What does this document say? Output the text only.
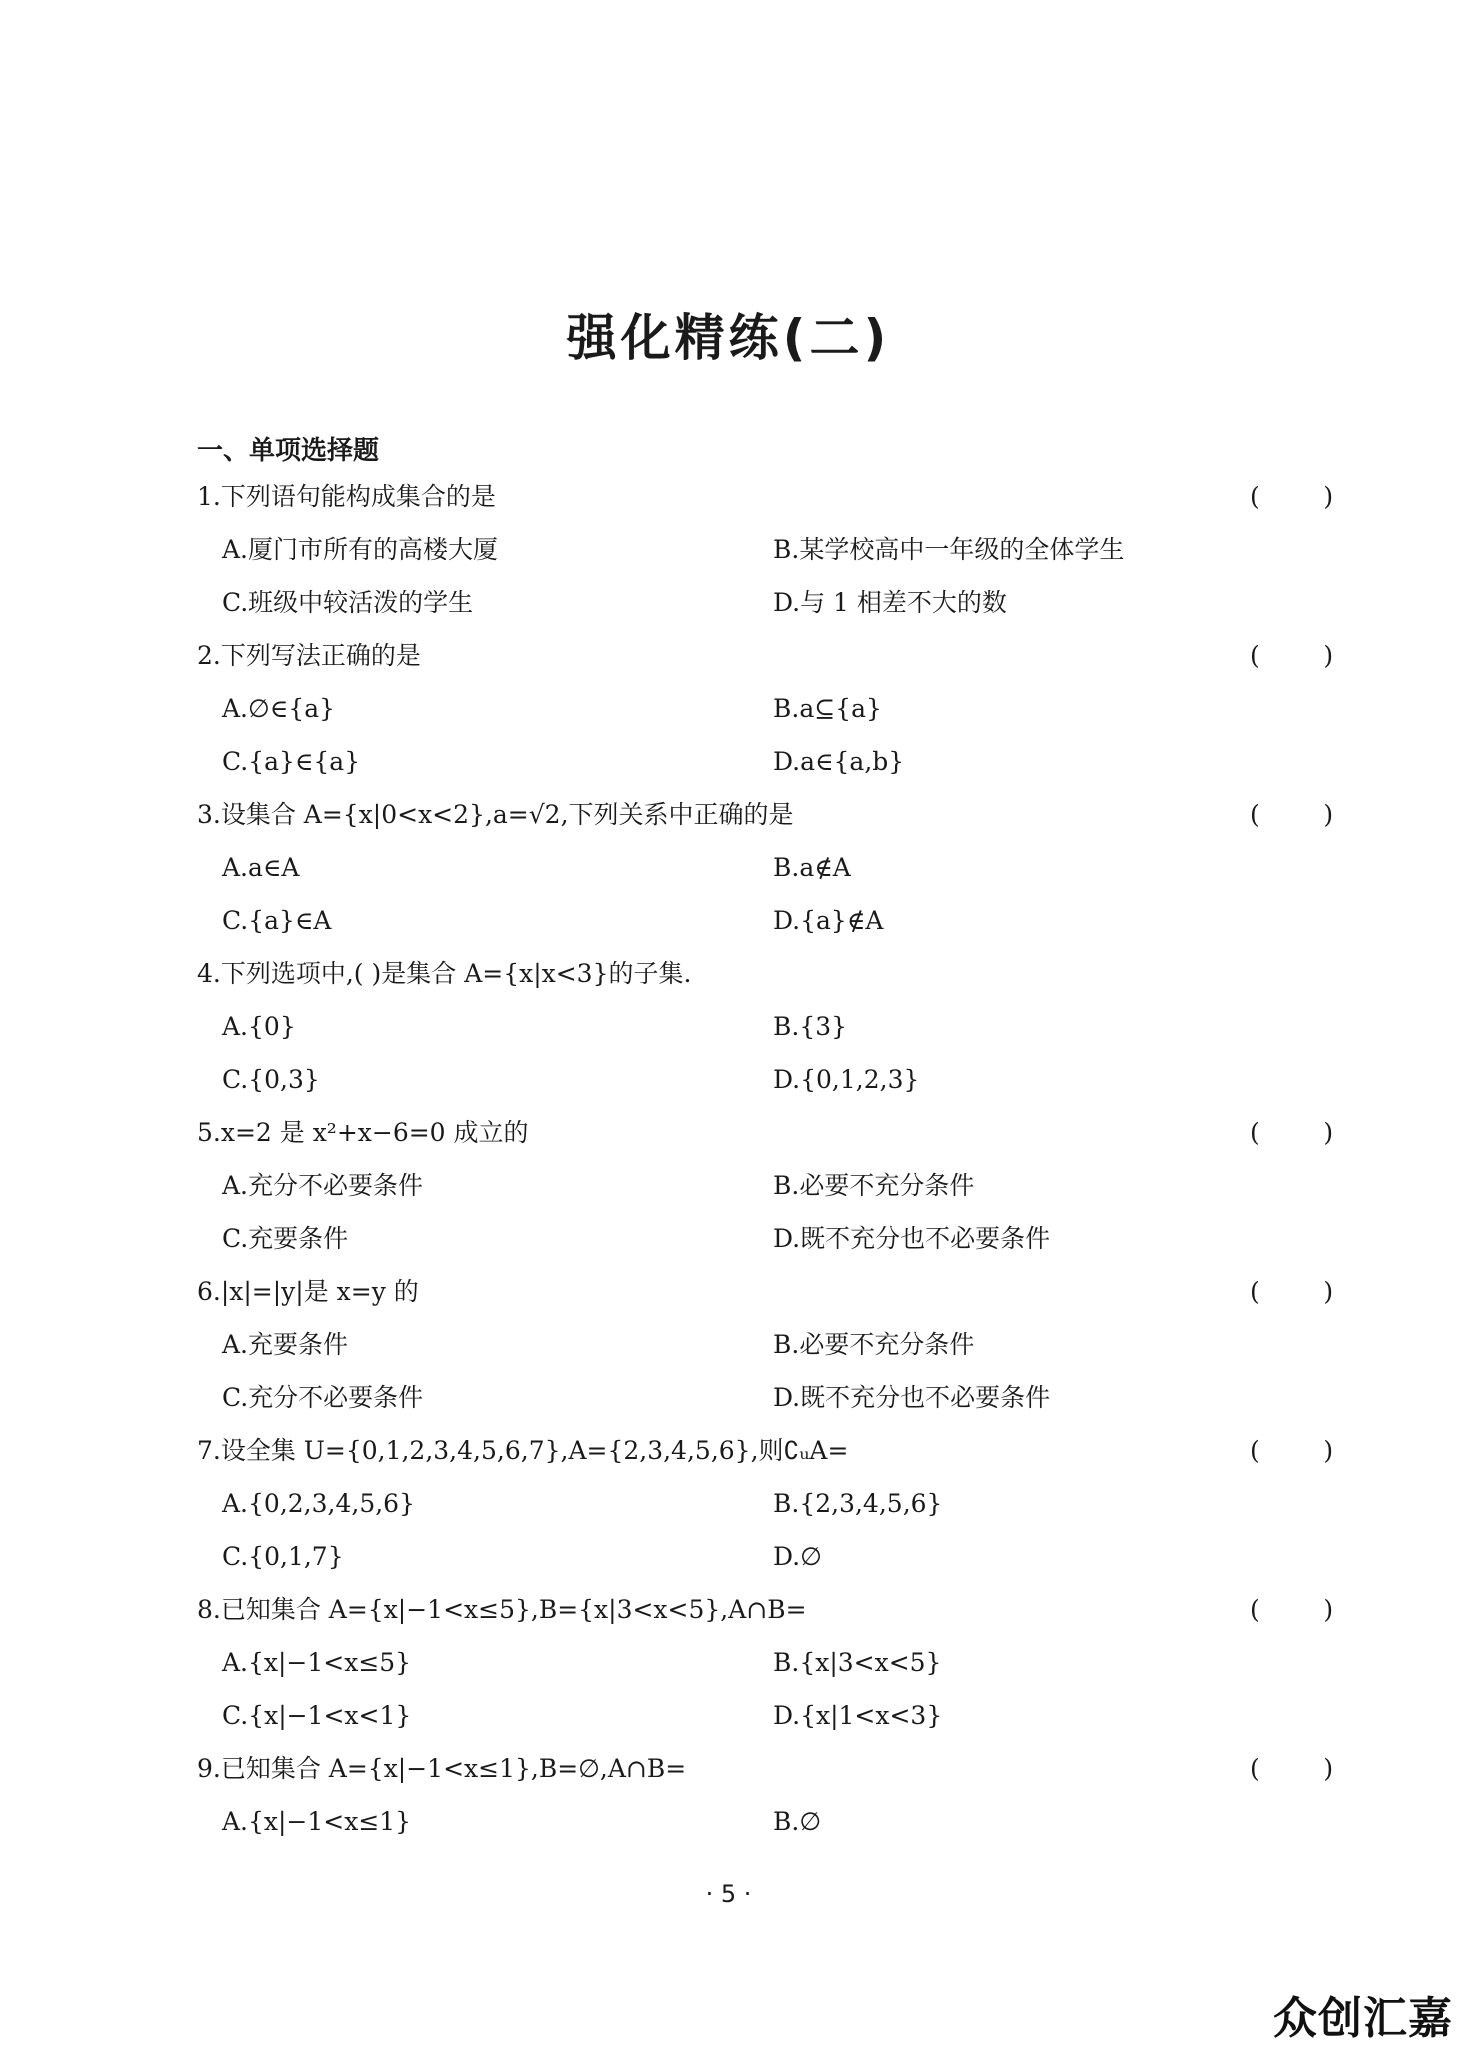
强化精练(二)
一、单项选择题
1.下列语句能构成集合的是	(        )
A.厦门市所有的高楼大厦	B.某学校高中一年级的全体学生
C.班级中较活泼的学生	D.与 1 相差不大的数
2.下列写法正确的是	(        )
A.∅∈{a}	B.a⊆{a}
C.{a}∈{a}	D.a∈{a,b}
3.设集合 A={x|0<x<2},a=√2,下列关系中正确的是	(        )
A.a∈A	B.a∉A
C.{a}∈A	D.{a}∉A
4.下列选项中,( )是集合 A={x|x<3}的子集.
A.{0}	B.{3}
C.{0,3}	D.{0,1,2,3}
5.x=2 是 x²+x−6=0 成立的	(        )
A.充分不必要条件	B.必要不充分条件
C.充要条件	D.既不充分也不必要条件
6.|x|=|y|是 x=y 的	(        )
A.充要条件	B.必要不充分条件
C.充分不必要条件	D.既不充分也不必要条件
7.设全集 U={0,1,2,3,4,5,6,7},A={2,3,4,5,6},则∁ᵤA=	(        )
A.{0,2,3,4,5,6}	B.{2,3,4,5,6}
C.{0,1,7}	D.∅
8.已知集合 A={x|−1<x≤5},B={x|3<x<5},A∩B=	(        )
A.{x|−1<x≤5}	B.{x|3<x<5}
C.{x|−1<x<1}	D.{x|1<x<3}
9.已知集合 A={x|−1<x≤1},B=∅,A∩B=	(        )
A.{x|−1<x≤1}	B.∅
· 5 ·
众创汇嘉
